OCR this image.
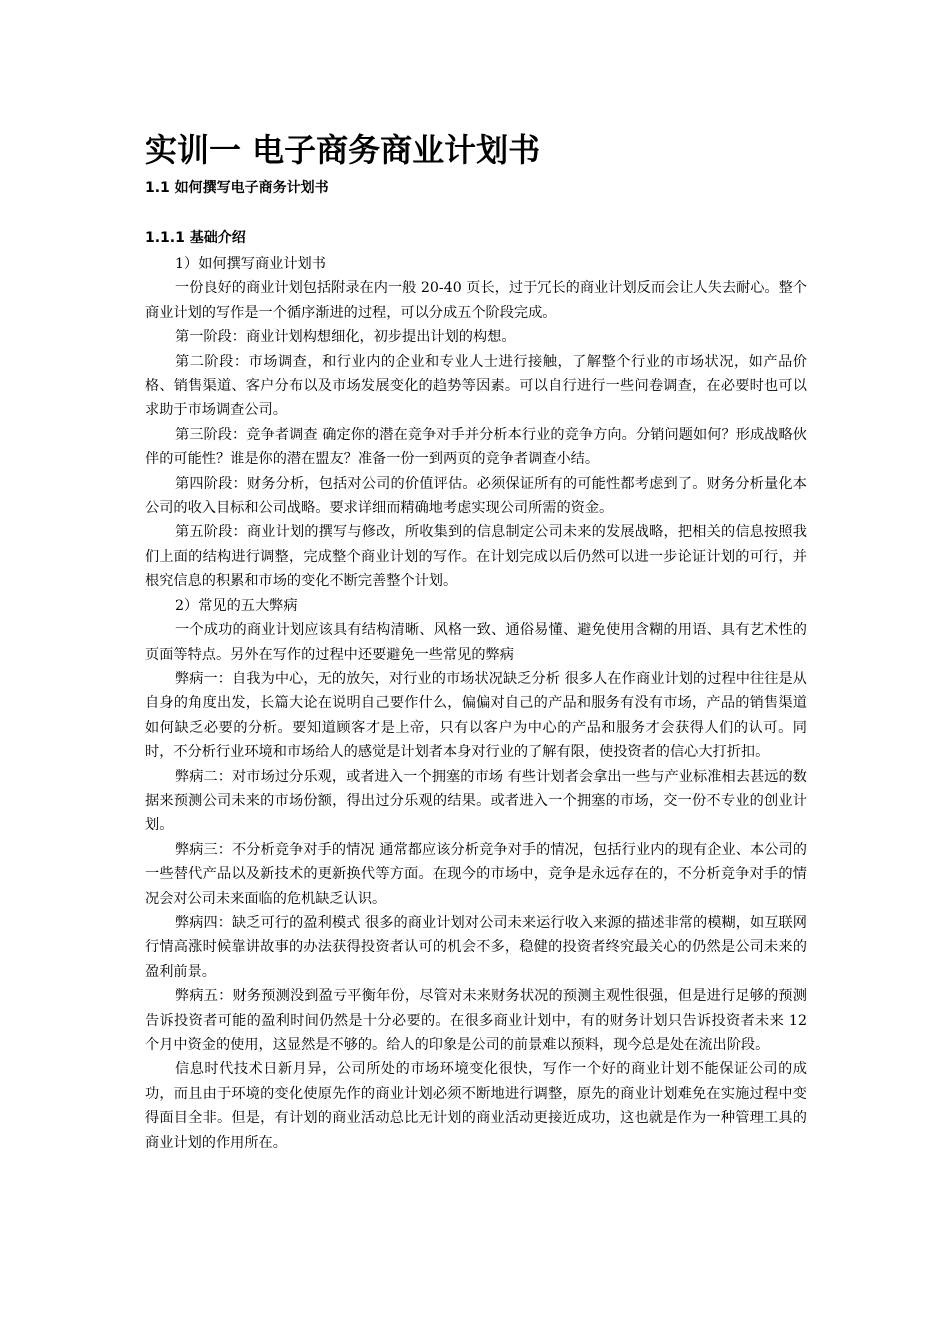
实训一 电子商务商业计划书
1.1 如何撰写电子商务计划书
1.1.1 基础介绍

1）如何撰写商业计划书

一份良好的商业计划包括附录在内一般 20-40 页长，过于冗长的商业计划反而会让人失去耐心。整个商业计划的写作是一个循序渐进的过程，可以分成五个阶段完成。

第一阶段：商业计划构想细化，初步提出计划的构想。

第二阶段：市场调查，和行业内的企业和专业人士进行接触，了解整个行业的市场状况，如产品价格、销售渠道、客户分布以及市场发展变化的趋势等因素。可以自行进行一些问卷调查，在必要时也可以求助于市场调查公司。

第三阶段：竞争者调查 确定你的潜在竞争对手并分析本行业的竞争方向。分销问题如何？形成战略伙伴的可能性？谁是你的潜在盟友？准备一份一到两页的竞争者调查小结。

第四阶段：财务分析，包括对公司的价值评估。必须保证所有的可能性都考虑到了。财务分析量化本公司的收入目标和公司战略。要求详细而精确地考虑实现公司所需的资金。

第五阶段：商业计划的撰写与修改，所收集到的信息制定公司未来的发展战略，把相关的信息按照我们上面的结构进行调整，完成整个商业计划的写作。在计划完成以后仍然可以进一步论证计划的可行，并根究信息的积累和市场的变化不断完善整个计划。

2）常见的五大弊病

一个成功的商业计划应该具有结构清晰、风格一致、通俗易懂、避免使用含糊的用语、具有艺术性的页面等特点。另外在写作的过程中还要避免一些常见的弊病

弊病一：自我为中心，无的放矢，对行业的市场状况缺乏分析 很多人在作商业计划的过程中往往是从自身的角度出发，长篇大论在说明自己要作什么，偏偏对自己的产品和服务有没有市场，产品的销售渠道如何缺乏必要的分析。要知道顾客才是上帝，只有以客户为中心的产品和服务才会获得人们的认可。同时，不分析行业环境和市场给人的感觉是计划者本身对行业的了解有限，使投资者的信心大打折扣。

弊病二：对市场过分乐观，或者进入一个拥塞的市场 有些计划者会拿出一些与产业标准相去甚远的数据来预测公司未来的市场份额，得出过分乐观的结果。或者进入一个拥塞的市场，交一份不专业的创业计划。

弊病三：不分析竞争对手的情况 通常都应该分析竞争对手的情况，包括行业内的现有企业、本公司的一些替代产品以及新技术的更新换代等方面。在现今的市场中，竞争是永远存在的，不分析竞争对手的情况会对公司未来面临的危机缺乏认识。

弊病四：缺乏可行的盈利模式 很多的商业计划对公司未来运行收入来源的描述非常的模糊，如互联网行情高涨时候靠讲故事的办法获得投资者认可的机会不多，稳健的投资者终究最关心的仍然是公司未来的盈利前景。

弊病五：财务预测没到盈亏平衡年份，尽管对未来财务状况的预测主观性很强，但是进行足够的预测告诉投资者可能的盈利时间仍然是十分必要的。在很多商业计划中，有的财务计划只告诉投资者未来 12 个月中资金的使用，这显然是不够的。给人的印象是公司的前景难以预料，现今总是处在流出阶段。

信息时代技术日新月异，公司所处的市场环境变化很快，写作一个好的商业计划不能保证公司的成功，而且由于环境的变化使原先作的商业计划必须不断地进行调整，原先的商业计划难免在实施过程中变得面目全非。但是，有计划的商业活动总比无计划的商业活动更接近成功，这也就是作为一种管理工具的商业计划的作用所在。
